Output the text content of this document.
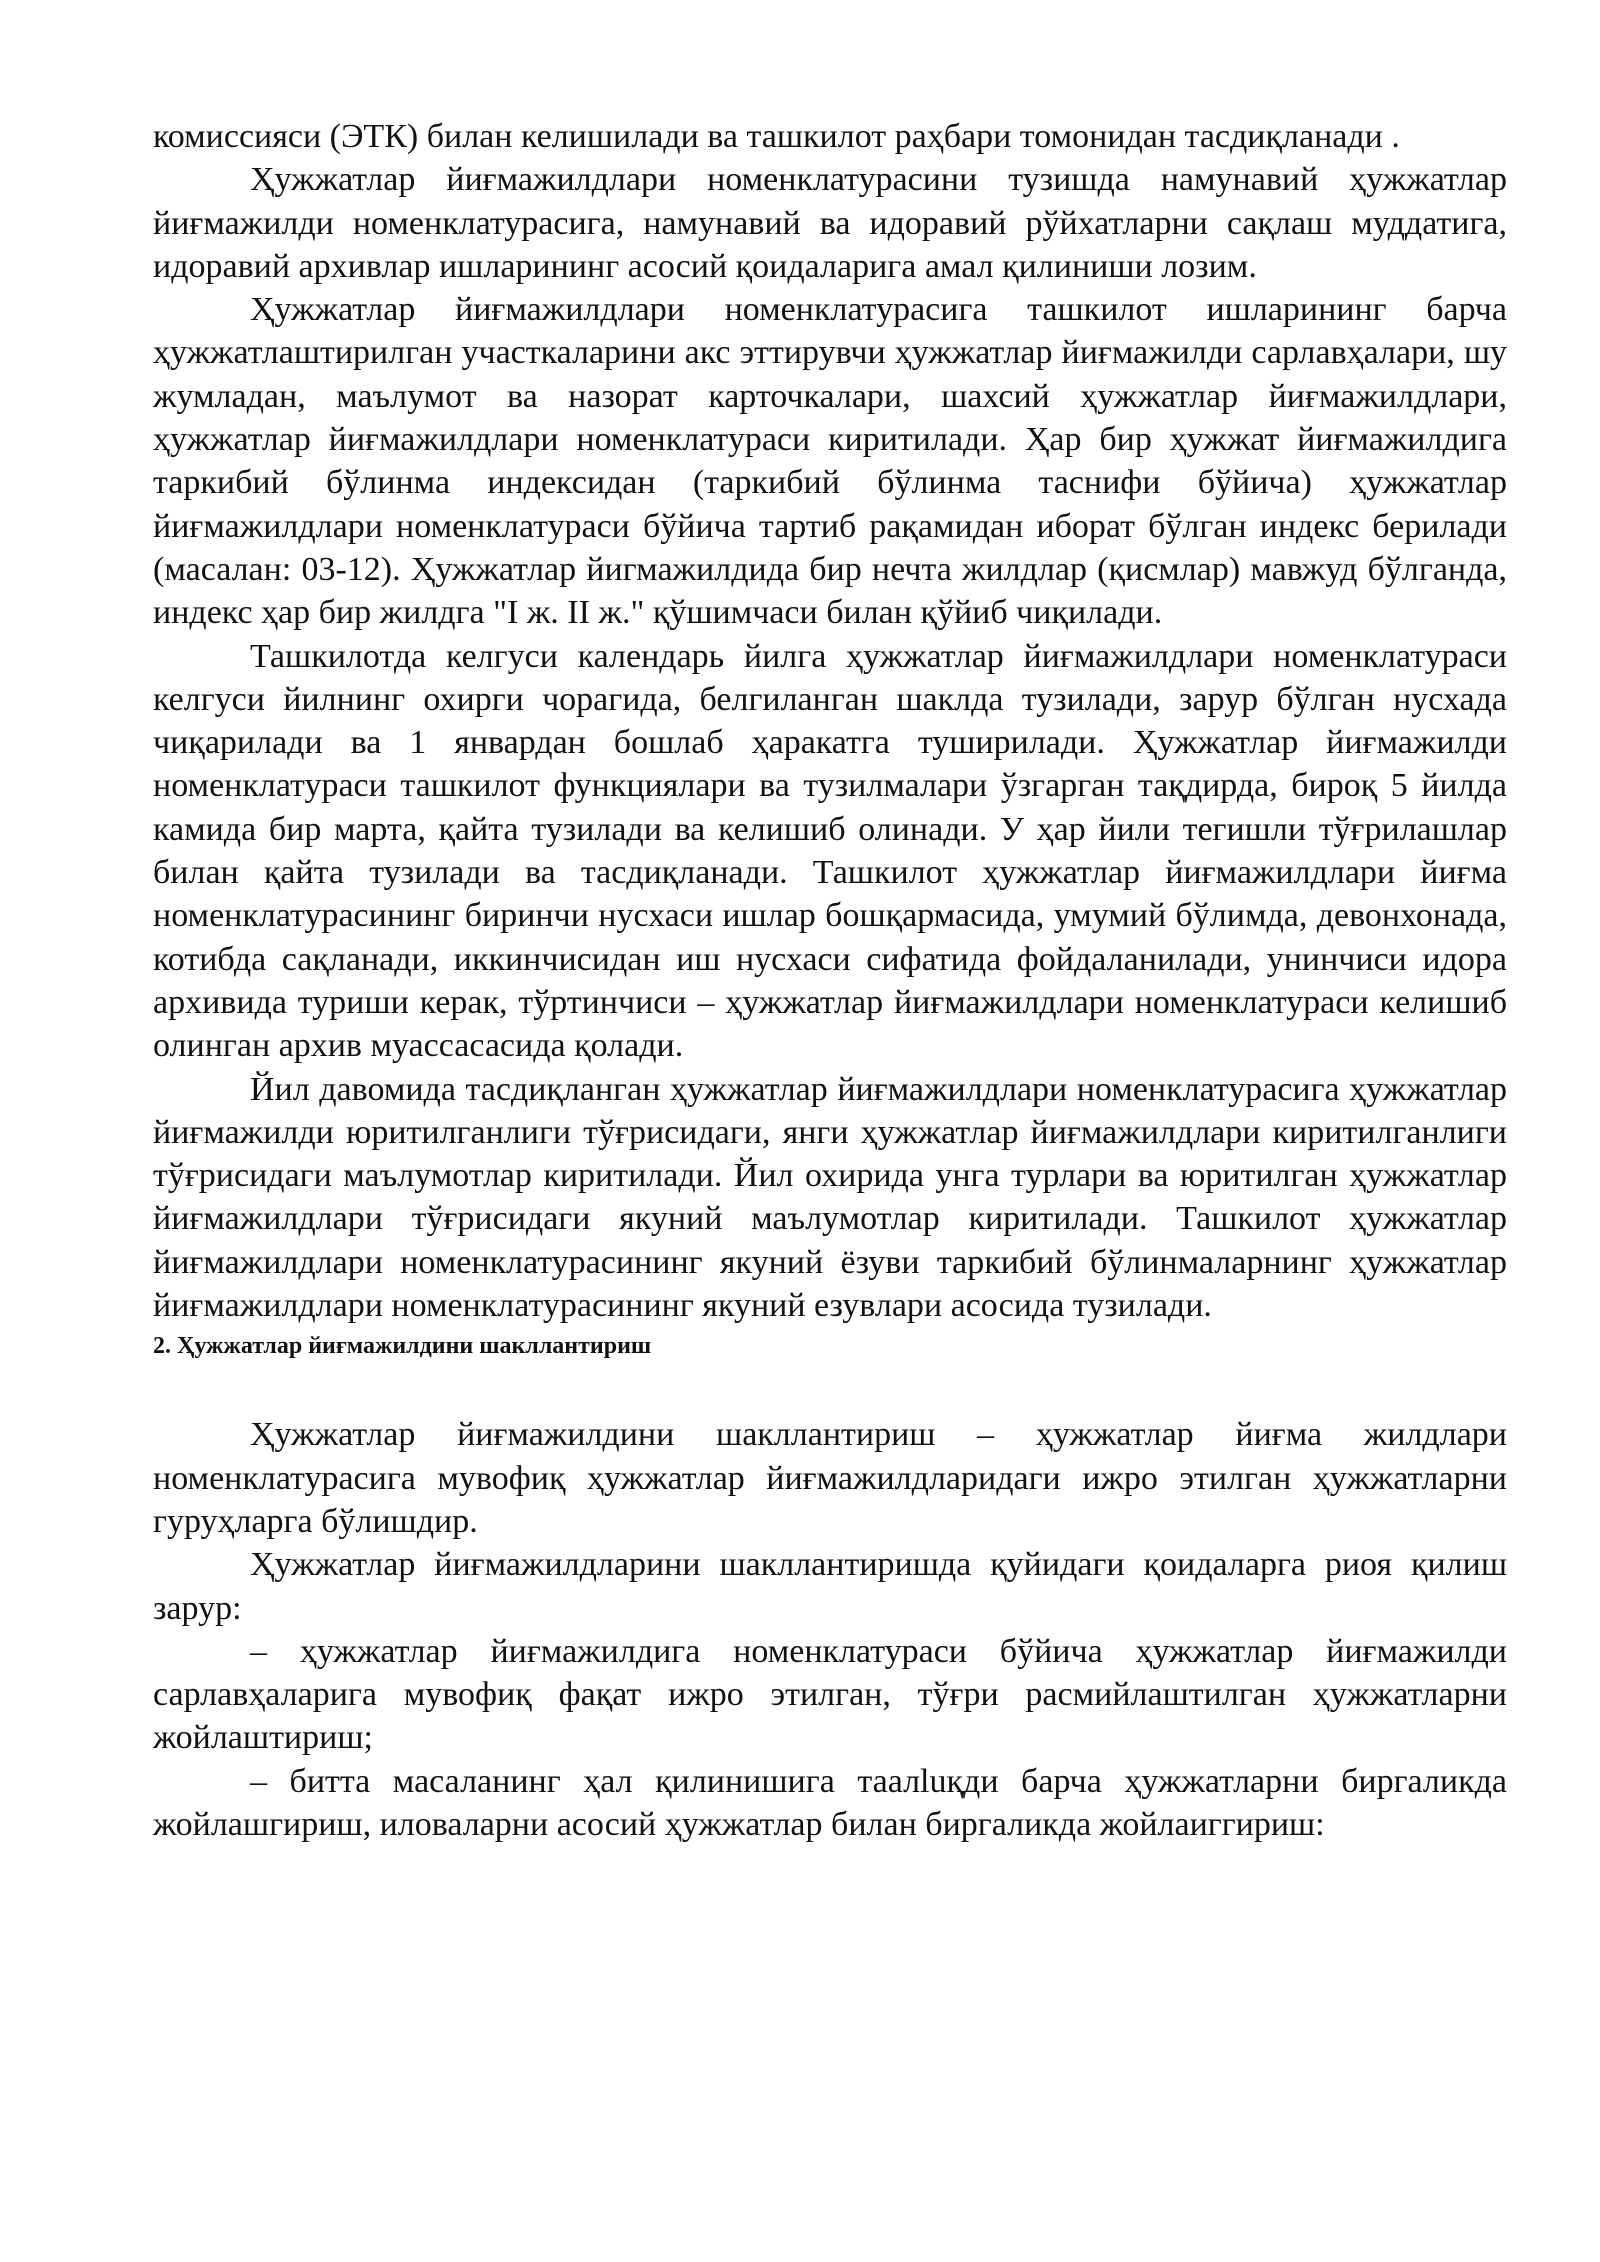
комиссияси (ЭТК) билан келишилади ва ташкилот раҳбари томонидан тасдиқланади .

Ҳужжатлар йиғмажилдлари номенклатурасини тузишда намунавий ҳужжатлар йиғмажилди номенклатурасига, намунавий ва идоравий рўйхатларни сақлаш муддатига, идоравий архивлар ишларининг асосий қоидаларига амал қилиниши лозим.

Ҳужжатлар йиғмажилдлари номенклатурасига ташкилот ишларининг барча ҳужжатлаштирилган участкаларини акс эттирувчи ҳужжатлар йиғмажилди сарлавҳалари, шу жумладан, маълумот ва назорат карточкалари, шахсий ҳужжатлар йиғмажилдлари, ҳужжатлар йиғмажилдлари номенклатураси киритилади. Ҳар бир ҳужжат йиғмажилдига таркибий бўлинма индексидан (таркибий бўлинма таснифи бўйича) ҳужжатлар йиғмажилдлари номенклатураси бўйича тартиб рақамидан иборат бўлган индекс берилади (масалан: 03-12). Ҳужжатлар йигмажилдида бир нечта жилдлар (қисмлар) мавжуд бўлганда, индекс ҳар бир жилдга "I ж. II ж." қўшимчаси билан қўйиб чиқилади.

Ташкилотда келгуси календарь йилга ҳужжатлар йиғмажилдлари номенклатураси келгуси йилнинг охирги чорагида, белгиланган шаклда тузилади, зарур бўлган нусхада чиқарилади ва 1 январдан бошлаб ҳаракатга туширилади. Ҳужжатлар йиғмажилди номенклатураси ташкилот функциялари ва тузилмалари ўзгарган тақдирда, бироқ 5 йилда камида бир марта, қайта тузилади ва келишиб олинади. У ҳар йили тегишли тўғрилашлар билан қайта тузилади ва тасдиқланади. Ташкилот ҳужжатлар йиғмажилдлари йиғма номенклатурасининг биринчи нусхаси ишлар бошқармасида, умумий бўлимда, девонхонада, котибда сақланади, иккинчисидан иш нусхаси сифатида фойдаланилади, унинчиси идора архивида туриши керак, тўртинчиси – ҳужжатлар йиғмажилдлари номенклатураси келишиб олинган архив муассасасида қолади.

Йил давомида тасдиқланган ҳужжатлар йиғмажилдлари номенклатурасига ҳужжатлар йиғмажилди юритилганлиги тўғрисидаги, янги ҳужжатлар йиғмажилдлари киритилганлиги тўғрисидаги маълумотлар киритилади. Йил охирида унга турлари ва юритилган ҳужжатлар йиғмажилдлари тўғрисидаги якуний маълумотлар киритилади. Ташкилот ҳужжатлар йиғмажилдлари номенклатурасининг якуний ёзуви таркибий бўлинмаларнинг ҳужжатлар йиғмажилдлари номенклатурасининг якуний езувлари асосида тузилади.

2. Ҳужжатлар йиғмажилдини шакллантириш

Ҳужжатлар йиғмажилдини шакллантириш – ҳужжатлар йиғма жилдлари номенклатурасига мувофиқ ҳужжатлар йиғмажилдларидаги ижро этилган ҳужжатларни гуруҳларга бўлишдир.

Ҳужжатлар йиғмажилдларини шакллантиришда қуйидаги қоидаларга риоя қилиш зарур:

– ҳужжатлар йиғмажилдига номенклатураси бўйича ҳужжатлар йиғмажилди сарлавҳаларига мувофиқ фақат ижро этилган, тўғри расмийлаштилган ҳужжатларни жойлаштириш;

– битта масаланинг ҳал қилинишига таалluқди барча ҳужжатларни биргаликда жойлашгириш, иловаларни асосий ҳужжатлар билан биргаликда жойлаиггириш:
